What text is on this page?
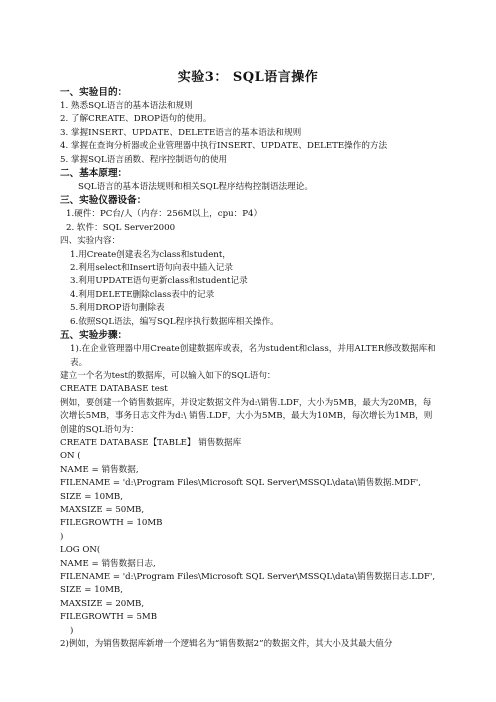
实验3： SQL语言操作
一、实验目的：
1. 熟悉SQL语言的基本语法和规则
2. 了解CREATE、DROP语句的使用。
3. 掌握INSERT、UPDATE、DELETE语言的基本语法和规则
4. 掌握在查询分析器或企业管理器中执行INSERT、UPDATE、DELETE操作的方法
5. 掌握SQL语言函数、程序控制语句的使用
二、基本原理：
SQL语言的基本语法规则和相关SQL程序结构控制语法理论。
三、实验仪器设备：
1.硬件：PC台/人（内存：256M以上，cpu：P4）
2. 软件：SQL Server2000
四、实验内容：
1.用Create创建表名为class和student，
2.利用select和Insert语句向表中插入记录
3.利用UPDATE语句更新class和student记录
4.利用DELETE删除class表中的记录
5.利用DROP语句删除表
6.依照SQL语法，编写SQL程序执行数据库相关操作。
五、实验步骤：
1).在企业管理器中用Create创建数据库或表，名为student和class，并用ALTER修改数据库和表。
建立一个名为test的数据库，可以输入如下的SQL语句：
CREATE DATABASE test
例如，要创建一个销售数据库，并设定数据文件为d:\销售.LDF，大小为5MB，最大为20MB，每次增长5MB，事务日志文件为d:\ 销售.LDF，大小为5MB，最大为10MB，每次增长为1MB，则创建的SQL语句为：
CREATE DATABASE【TABLE】 销售数据库
ON (
NAME = 销售数据,
FILENAME = 'd:\Program Files\Microsoft SQL Server\MSSQL\data\销售数据.MDF',
SIZE = 10MB,
MAXSIZE = 50MB,
FILEGROWTH = 10MB
)
LOG ON(
NAME = 销售数据日志,
FILENAME = 'd:\Program Files\Microsoft SQL Server\MSSQL\data\销售数据日志.LDF',
SIZE = 10MB,
MAXSIZE = 20MB,
FILEGROWTH = 5MB
)
2)例如，为销售数据库新增一个逻辑名为“销售数据2”的数据文件，其大小及其最大值分
